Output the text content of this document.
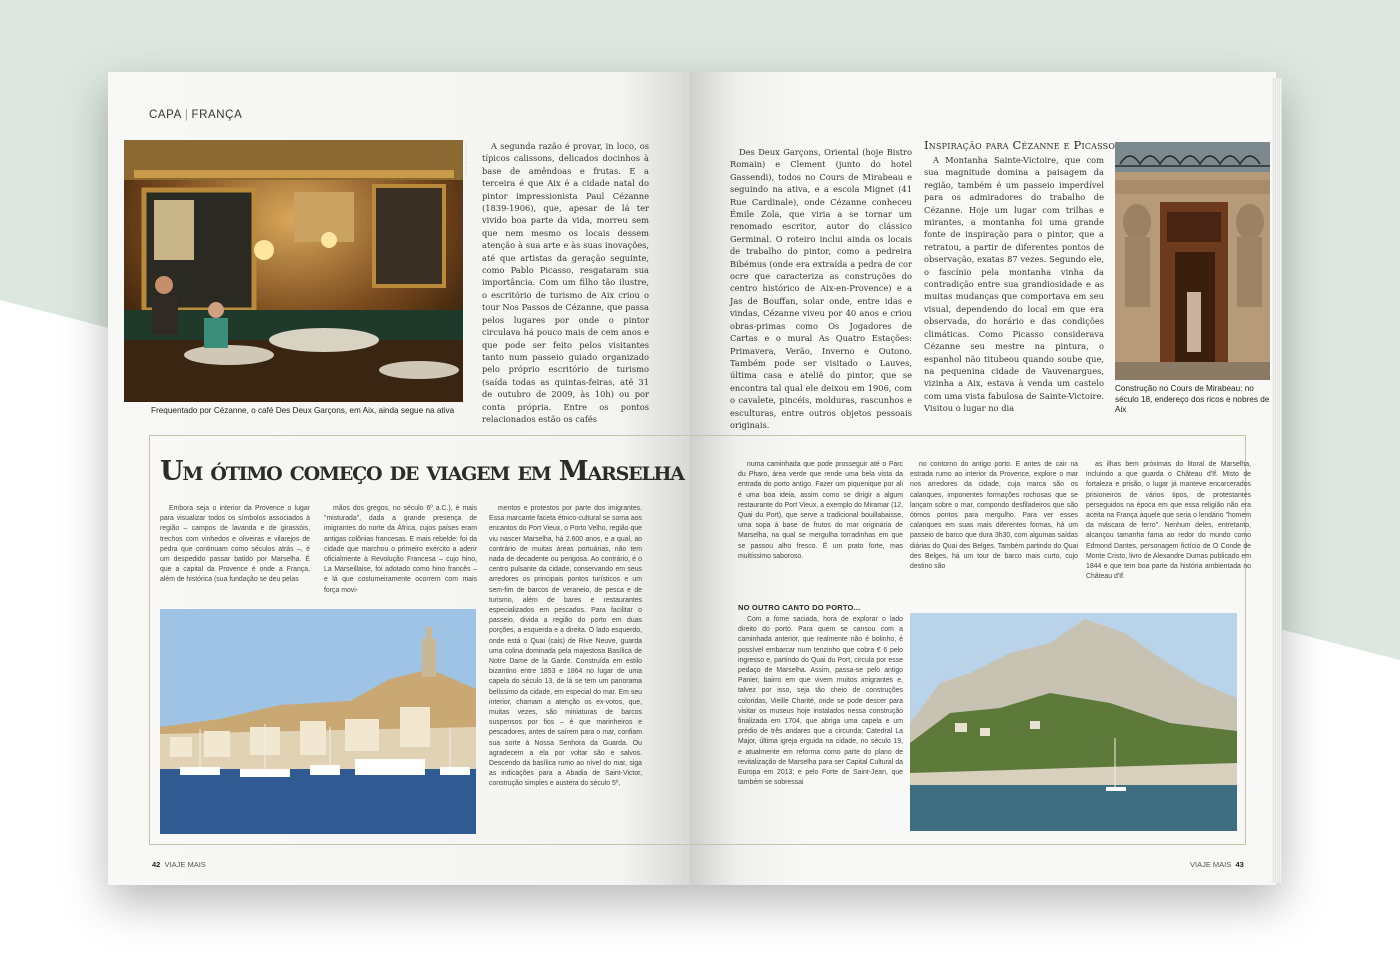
CAPA | FRANÇA
Fotos: Karen Abreu
Frequentado por Cézanne, o café Des Deux Garçons, em Aix, ainda segue na ativa

A segunda razão é provar, in loco, os típicos calissons, delicados docinhos à base de amêndoas e frutas. E a terceira é que Aix é a cidade natal do pintor impressionista Paul Cézanne (1839-1906), que, apesar de lá ter vivido boa parte da vida, morreu sem que nem mesmo os locais dessem atenção à sua arte e às suas inovações, até que artistas da geração seguinte, como Pablo Picasso, resgataram sua importância. Com um filho tão ilustre, o escritório de turismo de Aix criou o tour Nos Passos de Cézanne, que passa pelos lugares por onde o pintor circulava há pouco mais de cem anos e que pode ser feito pelos visitantes tanto num passeio guiado organizado pelo próprio escritório de turismo (saída todas as quintas-feiras, até 31 de outubro de 2009, às 10h) ou por conta própria. Entre os pontos relacionados estão os cafés

Um ótimo começo de viagem em Marselha

Embora seja o interior da Provence o lugar para visualizar todos os símbolos associados à região – campos de lavanda e de girassóis, trechos com vinhedos e oliveiras e vilarejos de pedra que continuam como séculos atrás –, é um despedido passar batido por Marselha. É que a capital da Provence é onde a França, além de histórica (sua fundação se deu pelas

mãos dos gregos, no século 6º a.C.), é mais "misturada", dada a grande presença de imigrantes do norte da África, cujos países eram antigas colônias francesas. E mais rebelde: foi da cidade que marchou o primeiro exército a aderir oficialmente à Revolução Francesa – cujo hino, La Marseillaise, foi adotado como hino francês – e lá que costumeiramente ocorrem com mais força movi-

mentos e protestos por parte dos imigrantes. Essa marcante faceta étnico-cultural se soma aos encantos do Port Vieux, o Porto Velho, região que viu nascer Marselha, há 2.600 anos, e a qual, ao contrário de muitas áreas portuárias, não tem nada de decadente ou perigosa. Ao contrário, é o centro pulsante da cidade, conservando em seus arredores os principais pontos turísticos e um sem-fim de barcos de veraneio, de pesca e de turismo, além de bares e restaurantes especializados em pescados. Para facilitar o passeio, divida a região do porto em duas porções, a esquerda e a direita. O lado esquerdo, onde está o Quai (cais) de Rive Neuve, guarda uma colina dominada pela majestosa Basílica de Notre Dame de la Garde. Construída em estilo bizantino entre 1853 e 1864 no lugar de uma capela do século 13, de lá se tem um panorama belíssimo da cidade, em especial do mar. Em seu interior, chamam a atenção os ex-votos, que, muitas vezes, são miniaturas de barcos suspensos por fios – é que marinheiros e pescadores, antes de saírem para o mar, confiam sua sorte à Nossa Senhora da Guarda. Ou agradecem a ela por voltar são e salvos. Descendo da basílica rumo ao nível do mar, siga as indicações para a Abadia de Saint-Victor, construção simples e austera do século 5º,

42 VIAJE MAIS

Des Deux Garçons, Oriental (hoje Bistro Romain) e Clement (junto do hotel Gassendi), todos no Cours de Mirabeau e seguindo na ativa, e a escola Mignet (41 Rue Cardinale), onde Cézanne conheceu Émile Zola, que viria a se tornar um renomado escritor, autor do clássico Germinal. O roteiro inclui ainda os locais de trabalho do pintor, como a pedreira Bibémus (onde era extraída a pedra de cor ocre que caracteriza as construções do centro histórico de Aix-en-Provence) e a Jas de Bouffan, solar onde, entre idas e vindas, Cézanne viveu por 40 anos e criou obras-primas como Os Jogadores de Cartas e o mural As Quatro Estações: Primavera, Verão, Inverno e Outono. Também pode ser visitado o Lauves, última casa e ateliê do pintor, que se encontra tal qual ele deixou em 1906, com o cavalete, pincéis, molduras, rascunhos e esculturas, entre outros objetos pessoais originais.

Inspiração para Cézanne e Picasso

A Montanha Sainte-Victoire, que com sua magnitude domina a paisagem da região, também é um passeio imperdível para os admiradores do trabalho de Cézanne. Hoje um lugar com trilhas e mirantes, a montanha foi uma grande fonte de inspiração para o pintor, que a retratou, a partir de diferentes pontos de observação, exatas 87 vezes. Segundo ele, o fascínio pela montanha vinha da contradição entre sua grandiosidade e as muitas mudanças que comportava em seu visual, dependendo do local em que era observada, do horário e das condições climáticas. Como Picasso considerava Cézanne seu mestre na pintura, o espanhol não titubeou quando soube que, na pequenina cidade de Vauvenargues, vizinha a Aix, estava à venda um castelo com uma vista fabulosa de Sainte-Victoire. Visitou o lugar no dia

Construção no Cours de Mirabeau: no século 18, endereço dos ricos e nobres de Aix

numa caminhada que pode prosseguir até o Parc du Pharo, área verde que rende uma bela vista da entrada do porto antigo. Fazer um piquenique por ali é uma boa ideia, assim como se dirigir a algum restaurante do Port Vieux, a exemplo do Miramar (12, Quai du Port), que serve a tradicional bouillabaisse, uma sopa à base de frutos do mar originária de Marselha, na qual se mergulha torradinhas em que se passou alho fresco. É um prato forte, mas muitíssimo saboroso.

NO OUTRO CANTO DO PORTO...

Com a fome saciada, hora de explorar o lado direito do porto. Para quem se cansou com a caminhada anterior, que realmente não é bolinho, é possível embarcar num tenzinho que cobra € 6 pelo ingresso e, partindo do Quai du Port, circula por esse pedaço de Marselha. Assim, passa-se pelo antigo Panier, bairro em que vivem muitos imigrantes e, talvez por isso, seja tão cheio de construções coloridas, Vieille Charité, onde se pode descer para visitar os museus hoje instalados nessa construção finalizada em 1704, que abriga uma capela e um prédio de três andares que a circunda; Catedral La Major, última igreja erguida na cidade, no século 19, e atualmente em reforma como parte do plano de revitalização de Marselha para ser Capital Cultural da Europa em 2013; e pelo Forte de Saint-Jean, que também se sobressai

no contorno do antigo porto. E antes de cair na estrada rumo ao interior da Provence, explore o mar nos arredores da cidade, cuja marca são os calanques, imponentes formações rochosas que se lançam sobre o mar, compondo desfiladeiros que são ótimos pontos para mergulho. Para ver esses calanques em suas mais diferentes formas, há um passeio de barco que dura 3h30, com algumas saídas diárias do Quai des Belges. Também partindo do Quai des Belges, há um tour de barco mais curto, cujo destino são

as ilhas bem próximas do litoral de Marselha, incluindo a que guarda o Château d'If. Misto de fortaleza e prisão, o lugar já manteve encarcerados prisioneiros de vários tipos, de protestantes perseguidos na época em que essa religião não era aceita na França àquele que seria o lendário "homem da máscara de ferro". Nenhum deles, entretanto, alcançou tamanha fama ao redor do mundo como Edmond Dantes, personagem fictício de O Conde de Monte Cristo, livro de Alexandre Dumas publicado em 1844 e que tem boa parte da história ambientada no Château d'If.

VIAJE MAIS 43
